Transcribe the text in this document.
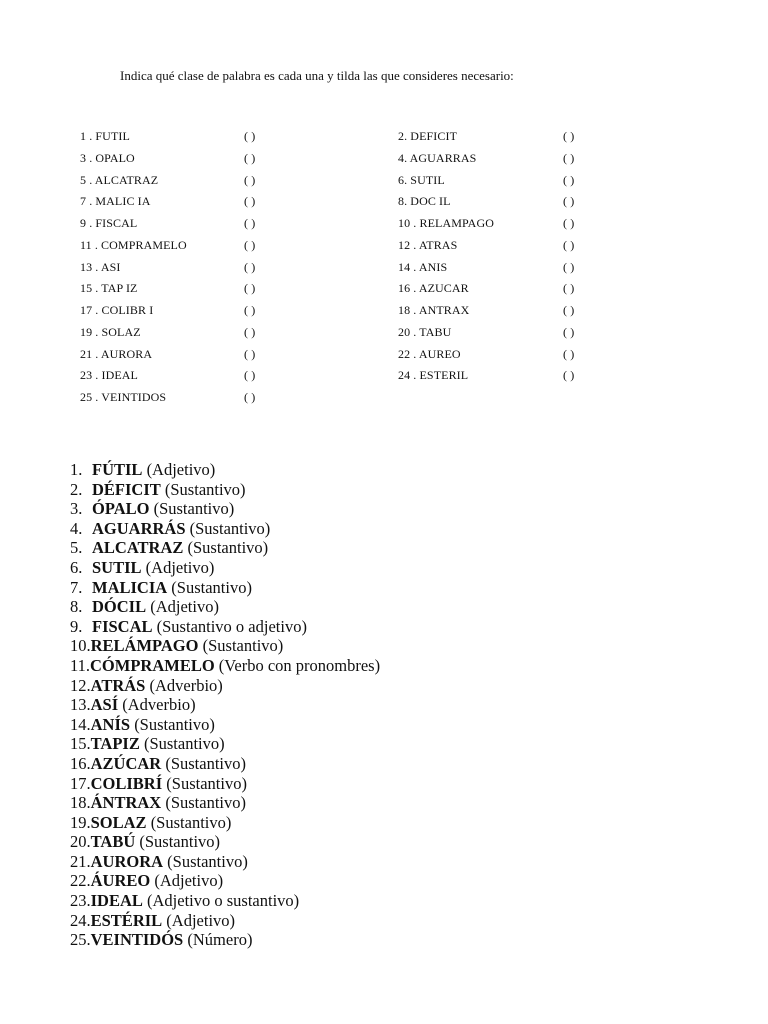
Indica qué clase de palabra es cada una y tilda las que consideres necesario:
1 . FUTIL	( )
3 . OPALO	( )
5 . ALCATRAZ	( )
7 . MALIC IA	( )
9 . FISCAL	( )
11 . COMPRAMELO	( )
13 . ASI	( )
15 . TAP IZ	( )
17 . COLIBR I	( )
19 . SOLAZ	( )
21 . AURORA	( )
23 . IDEAL	( )
25 . VEINTIDOS	( )
2. DEFICIT	( )
4. AGUARRAS	( )
6. SUTIL	( )
8. DOC IL	( )
10 . RELAMPAGO	( )
12 . ATRAS	( )
14 . ANIS	( )
16 . AZUCAR	( )
18 . ANTRAX	( )
20 . TABU	( )
22 . AUREO	( )
24 . ESTERIL	( )
1. FÚTIL (Adjetivo)
2. DÉFICIT (Sustantivo)
3. ÓPALO (Sustantivo)
4. AGUARRÁS (Sustantivo)
5. ALCATRAZ (Sustantivo)
6. SUTIL (Adjetivo)
7. MALICIA (Sustantivo)
8. DÓCIL (Adjetivo)
9. FISCAL (Sustantivo o adjetivo)
10.RELÁMPAGO (Sustantivo)
11.CÓMPRAMELO (Verbo con pronombres)
12.ATRÁS (Adverbio)
13.ASÍ (Adverbio)
14.ANÍS (Sustantivo)
15.TAPIZ (Sustantivo)
16.AZÚCAR (Sustantivo)
17.COLIBRÍ (Sustantivo)
18.ÁNTRAX (Sustantivo)
19.SOLAZ (Sustantivo)
20.TABÚ (Sustantivo)
21.AURORA (Sustantivo)
22.ÁUREO (Adjetivo)
23.IDEAL (Adjetivo o sustantivo)
24.ESTÉRIL (Adjetivo)
25.VEINTIDÓS (Número)
